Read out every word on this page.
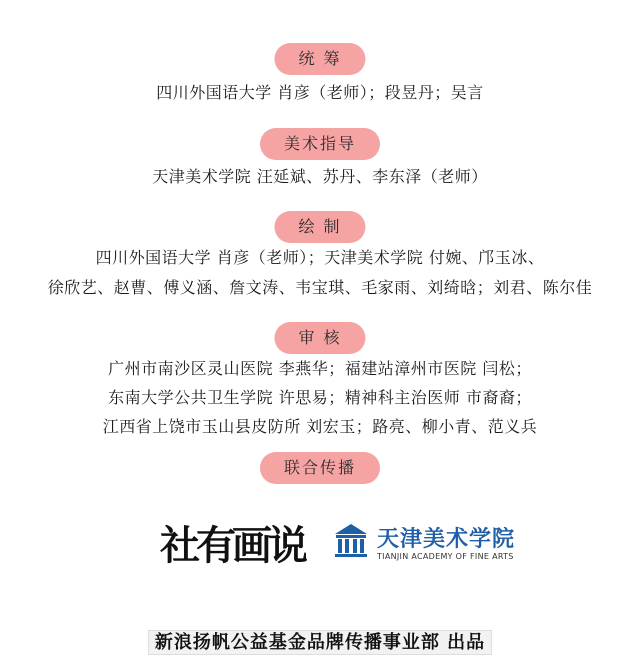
统 筹
四川外国语大学 肖彦（老师）；段昱丹；吴言
美术指导
天津美术学院 汪延斌、苏丹、李东泽（老师）
绘 制
四川外国语大学 肖彦（老师）；天津美术学院 付婉、邝玉冰、
徐欣艺、赵曹、傅义涵、詹文涛、韦宝琪、毛家雨、刘绮晗；刘君、陈尔佳
审 核
广州市南沙区灵山医院 李燕华；福建站漳州市医院 闫松；
东南大学公共卫生学院 许思易；精神科主治医师 市裔裔；
江西省上饶市玉山县皮防所 刘宏玉；路亮、柳小青、范义兵
联合传播
社有画说	天津美术学院
TIANJIN ACADEMY OF FINE ARTS
新浪扬帆公益基金品牌传播事业部 出品
